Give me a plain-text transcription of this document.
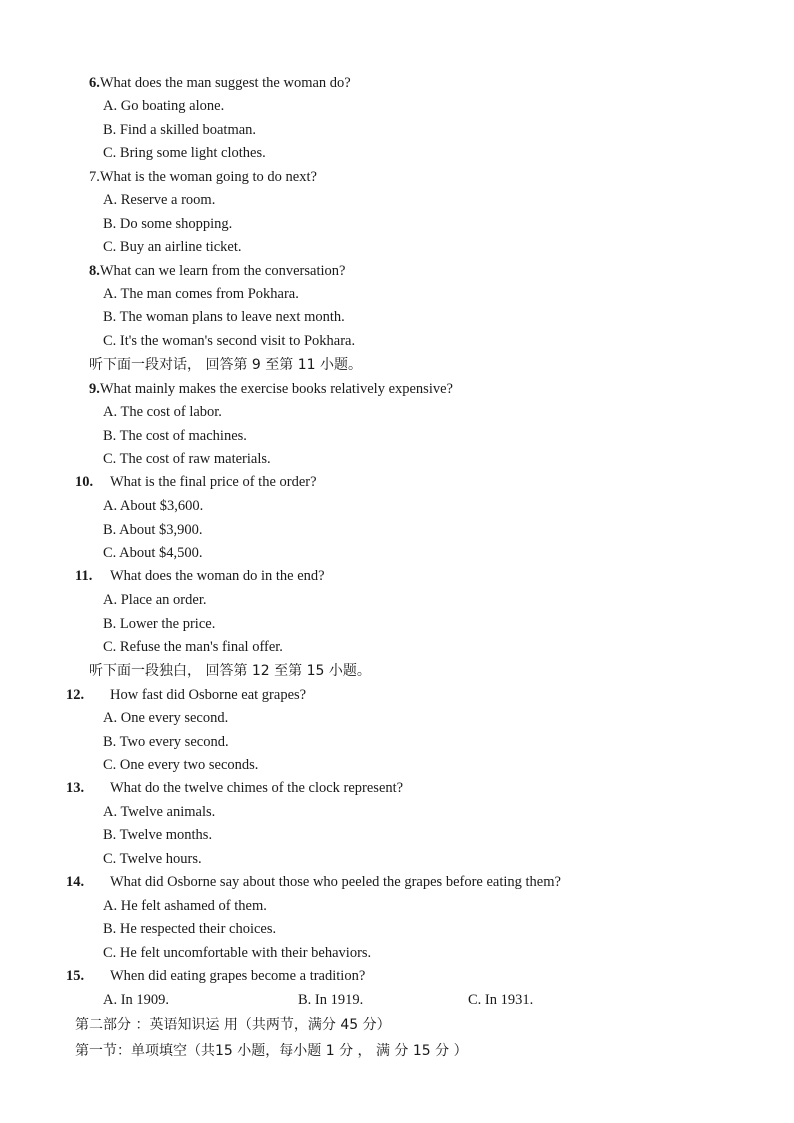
6.What does the man suggest the woman do?
A. Go boating alone.
B. Find a skilled boatman.
C. Bring some light clothes.
7.What is the woman going to do next?
A. Reserve a room.
B. Do some shopping.
C. Buy an airline ticket.
8.What can we learn from the conversation?
A. The man comes from Pokhara.
B. The woman plans to leave next month.
C. It's the woman's second visit to Pokhara.
听下面一段对话， 回答第 9 至第 11 小题。
9.What mainly makes the exercise books relatively expensive?
A. The cost of labor.
B. The cost of machines.
C. The cost of raw materials.
10. What is the final price of the order?
A. About $3,600.
B. About $3,900.
C. About $4,500.
11. What does the woman do in the end?
A. Place an order.
B. Lower the price.
C. Refuse the man's final offer.
听下面一段独白， 回答第 12 至第 15 小题。
12. How fast did Osborne eat grapes?
A. One every second.
B. Two every second.
C. One every two seconds.
13. What do the twelve chimes of the clock represent?
A. Twelve animals.
B. Twelve months.
C. Twelve hours.
14. What did Osborne say about those who peeled the grapes before eating them?
A. He felt ashamed of them.
B. He respected their choices.
C. He felt uncomfortable with their behaviors.
15. When did eating grapes become a tradition?
A. In 1909.	B. In 1919.	C. In 1931.
第二部分 ：英语知识运 用（共两节，满分 45 分）
第一节：单项填空（共15 小题，每小题 1 分 ， 满 分 15 分 ）
